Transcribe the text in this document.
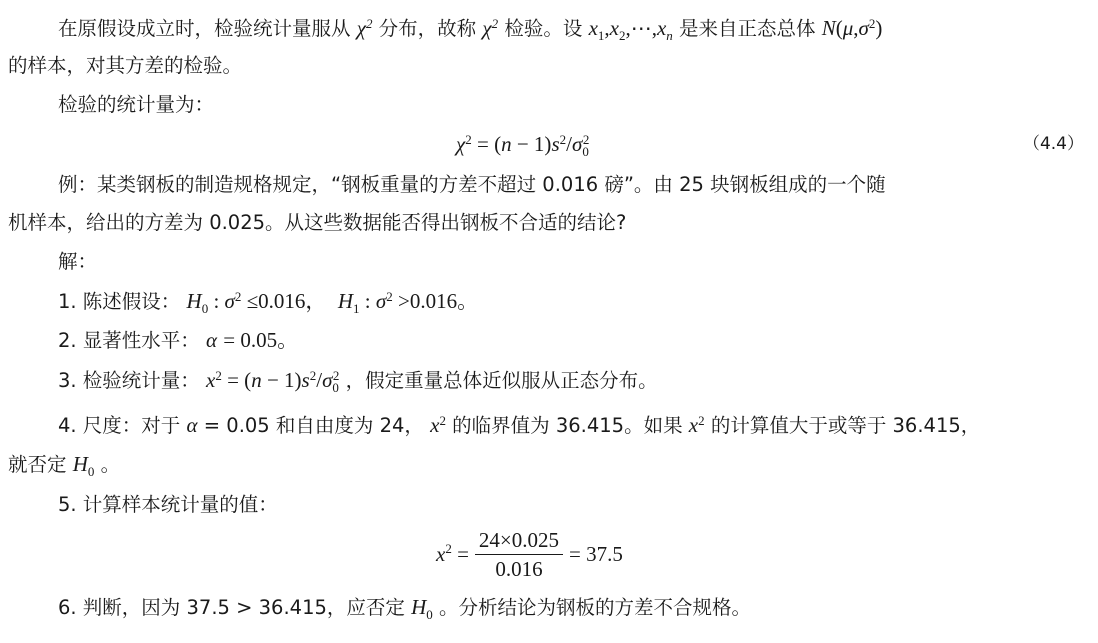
在原假设成立时，检验统计量服从 $\chi^2$ 分布，故称 $\chi^2$ 检验。设 $x_1,x_2,\cdots,x_n$ 是来自正态总体 $N(\mu,\sigma^2)$
的样本，对其方差的检验。
检验的统计量为：
$\chi^2 = (n - 1)s^2/\sigma_0^2$	（4.4）
例：某类钢板的制造规格规定，“钢板重量的方差不超过 0.016 磅”。由 25 块钢板组成的一个随
机样本，给出的方差为 0.025。从这些数据能否得出钢板不合适的结论?
解：
1. 陈述假设： $H_0$ : $\sigma^2 \le 0.016$， $H_1$ : $\sigma^2 >0.016$。
2. 显著性水平： α = 0.05。
3. 检验统计量： $x^2 = (n - 1)s^2/\sigma_0^2$ ，假定重量总体近似服从正态分布。
4. 尺度：对于 α = 0.05 和自由度为 24， $x^2$ 的临界值为 36.415。如果 $x^2$ 的计算值大于或等于 36.415，
就否定 $H_0$ 。
5. 计算样本统计量的值：
$x^2 = \frac{24\times 0.025}{0.016} = 37.5$
6. 判断，因为 37.5 > 36.415，应否定 $H_0$ 。分析结论为钢板的方差不合规格。
